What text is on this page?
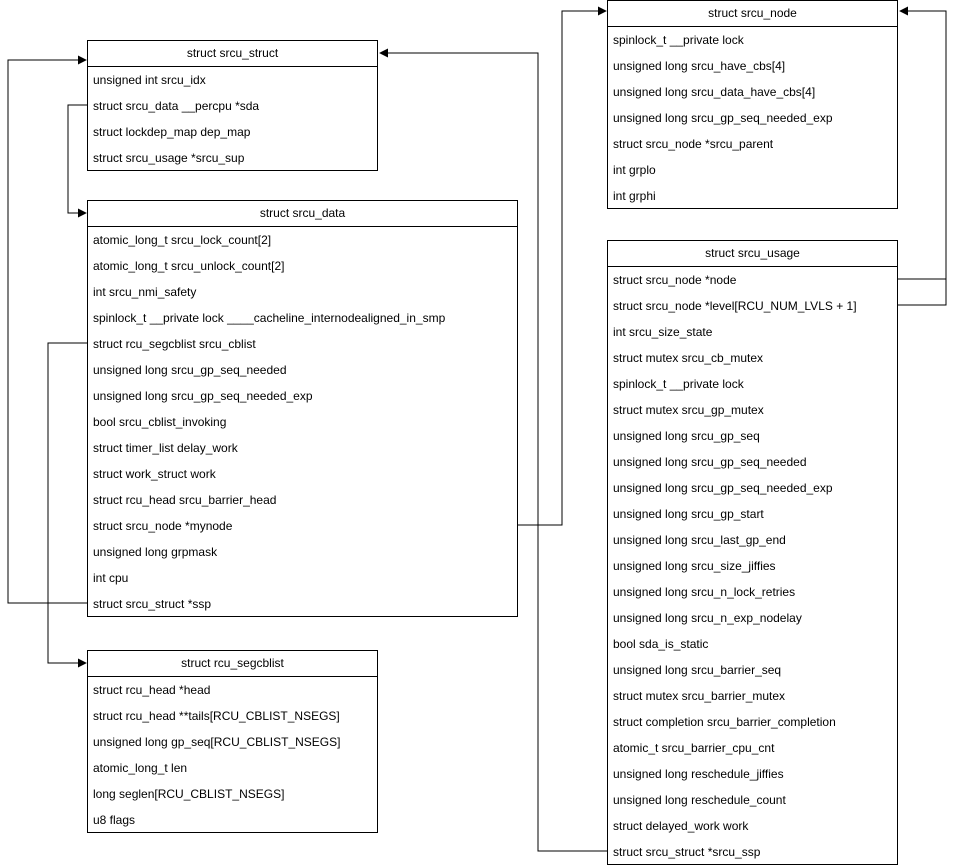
struct srcu_struct
unsigned int srcu_idx
struct srcu_data __percpu *sda
struct lockdep_map dep_map
struct srcu_usage *srcu_sup
struct srcu_data
atomic_long_t srcu_lock_count[2]
atomic_long_t srcu_unlock_count[2]
int srcu_nmi_safety
spinlock_t __private lock ____cacheline_internodealigned_in_smp
struct rcu_segcblist srcu_cblist
unsigned long srcu_gp_seq_needed
unsigned long srcu_gp_seq_needed_exp
bool srcu_cblist_invoking
struct timer_list delay_work
struct work_struct work
struct rcu_head srcu_barrier_head
struct srcu_node *mynode
unsigned long grpmask
int cpu
struct srcu_struct *ssp
struct rcu_segcblist
struct rcu_head *head
struct rcu_head **tails[RCU_CBLIST_NSEGS]
unsigned long gp_seq[RCU_CBLIST_NSEGS]
atomic_long_t len
long seglen[RCU_CBLIST_NSEGS]
u8 flags
struct srcu_node
spinlock_t __private lock
unsigned long srcu_have_cbs[4]
unsigned long srcu_data_have_cbs[4]
unsigned long srcu_gp_seq_needed_exp
struct srcu_node *srcu_parent
int grplo
int grphi
struct srcu_usage
struct srcu_node *node
struct srcu_node *level[RCU_NUM_LVLS + 1]
int srcu_size_state
struct mutex srcu_cb_mutex
spinlock_t __private lock
struct mutex srcu_gp_mutex
unsigned long srcu_gp_seq
unsigned long srcu_gp_seq_needed
unsigned long srcu_gp_seq_needed_exp
unsigned long srcu_gp_start
unsigned long srcu_last_gp_end
unsigned long srcu_size_jiffies
unsigned long srcu_n_lock_retries
unsigned long srcu_n_exp_nodelay
bool sda_is_static
unsigned long srcu_barrier_seq
struct mutex srcu_barrier_mutex
struct completion srcu_barrier_completion
atomic_t srcu_barrier_cpu_cnt
unsigned long reschedule_jiffies
unsigned long reschedule_count
struct delayed_work work
struct srcu_struct *srcu_ssp
